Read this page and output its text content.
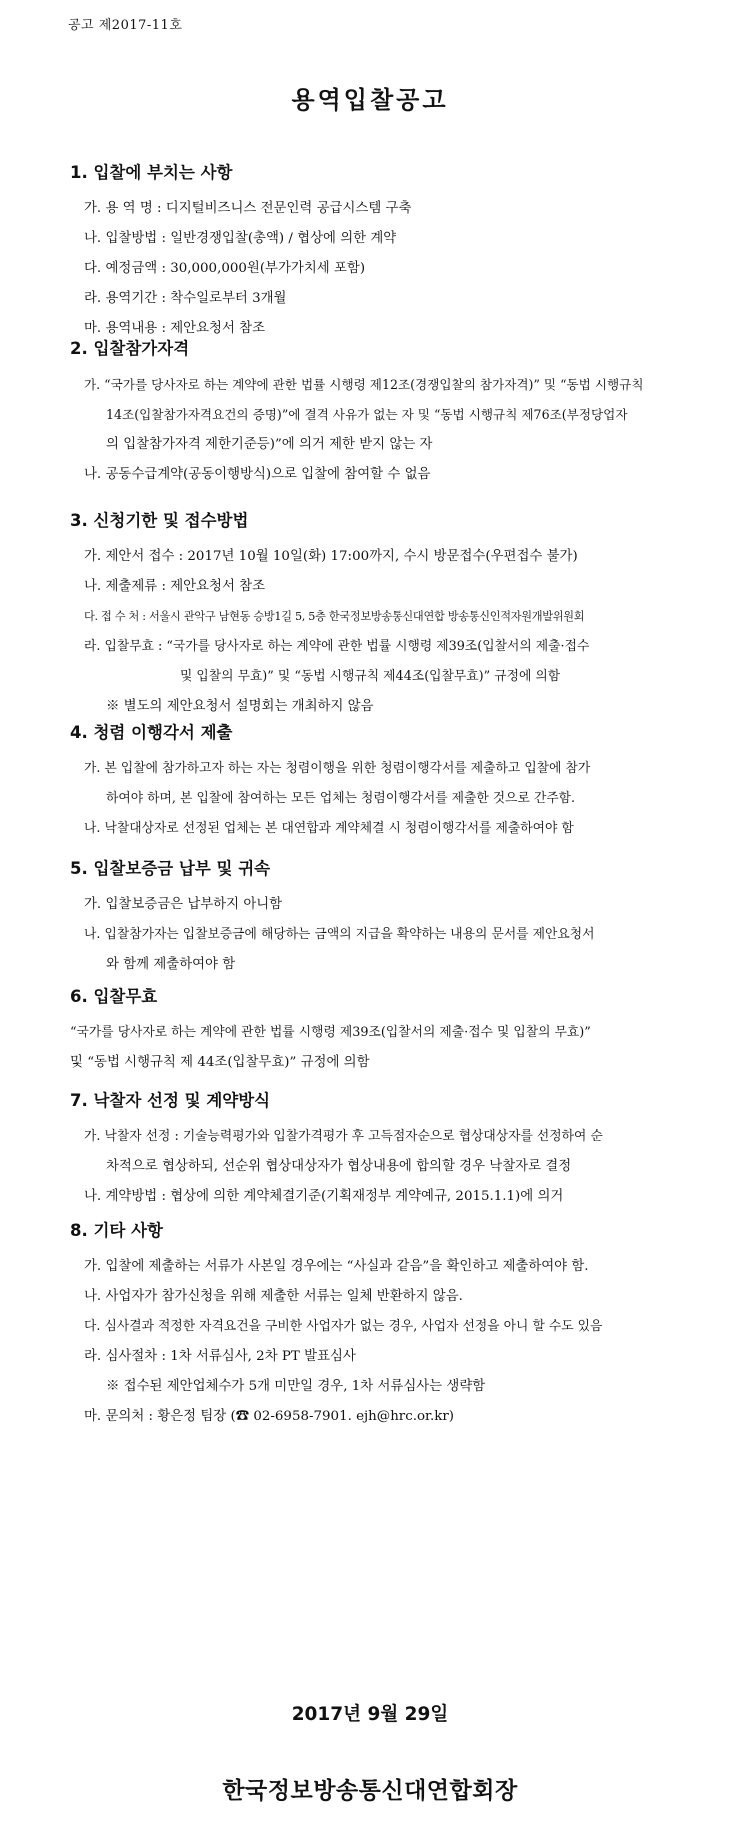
공고 제2017-11호
용역입찰공고
1. 입찰에 부치는 사항
가. 용 역 명 : 디지털비즈니스 전문인력 공급시스템 구축
나. 입찰방법 : 일반경쟁입찰(총액) / 협상에 의한 계약
다. 예정금액 : 30,000,000원(부가가치세 포함)
라. 용역기간 : 착수일로부터 3개월
마. 용역내용 : 제안요청서 참조
2. 입찰참가자격
가. “국가를 당사자로 하는 계약에 관한 법률 시행령 제12조(경쟁입찰의 참가자격)” 및 “동법 시행규칙
14조(입찰참가자격요건의 증명)”에 결격 사유가 없는 자 및 “동법 시행규칙 제76조(부정당업자
의 입찰참가자격 제한기준등)”에 의거 제한 받지 않는 자
나. 공동수급계약(공동이행방식)으로 입찰에 참여할 수 없음
3. 신청기한 및 접수방법
가. 제안서 접수 : 2017년 10월 10일(화) 17:00까지, 수시 방문접수(우편접수 불가)
나. 제출제류 : 제안요청서 참조
다. 접 수 처 : 서울시 관악구 남현동 승방1길 5, 5층 한국정보방송통신대연합 방송통신인적자원개발위원회
라. 입찰무효 : “국가를 당사자로 하는 계약에 관한 법률 시행령 제39조(입찰서의 제출·접수
및 입찰의 무효)” 및 “동법 시행규칙 제44조(입찰무효)” 규정에 의함
※ 별도의 제안요청서 설명회는 개최하지 않음
4. 청렴 이행각서 제출
가. 본 입찰에 참가하고자 하는 자는 청렴이행을 위한 청렴이행각서를 제출하고 입찰에 참가
하여야 하며, 본 입찰에 참여하는 모든 업체는 청렴이행각서를 제출한 것으로 간주함.
나. 낙찰대상자로 선정된 업체는 본 대연합과 계약체결 시 청렴이행각서를 제출하여야 함
5. 입찰보증금 납부 및 귀속
가. 입찰보증금은 납부하지 아니함
나. 입찰참가자는 입찰보증금에 해당하는 금액의 지급을 확약하는 내용의 문서를 제안요청서
와 함께 제출하여야 함
6. 입찰무효
“국가를 당사자로 하는 계약에 관한 법률 시행령 제39조(입찰서의 제출·접수 및 입찰의 무효)”
및 “동법 시행규칙 제 44조(입찰무효)” 규정에 의함
7. 낙찰자 선정 및 계약방식
가. 낙찰자 선정 : 기술능력평가와 입찰가격평가 후 고득점자순으로 협상대상자를 선정하여 순
차적으로 협상하되, 선순위 협상대상자가 협상내용에 합의할 경우 낙찰자로 결정
나. 계약방법 : 협상에 의한 계약체결기준(기획재정부 계약예규, 2015.1.1)에 의거
8. 기타 사항
가. 입찰에 제출하는 서류가 사본일 경우에는 “사실과 같음”을 확인하고 제출하여야 함.
나. 사업자가 참가신청을 위해 제출한 서류는 일체 반환하지 않음.
다. 심사결과 적정한 자격요건을 구비한 사업자가 없는 경우, 사업자 선정을 아니 할 수도 있음
라. 심사절차 : 1차 서류심사, 2차 PT 발표심사
※ 접수된 제안업체수가 5개 미만일 경우, 1차 서류심사는 생략함
마. 문의처 : 황은정 팀장 (☎ 02-6958-7901. ejh@hrc.or.kr)
2017년 9월 29일
한국정보방송통신대연합회장
